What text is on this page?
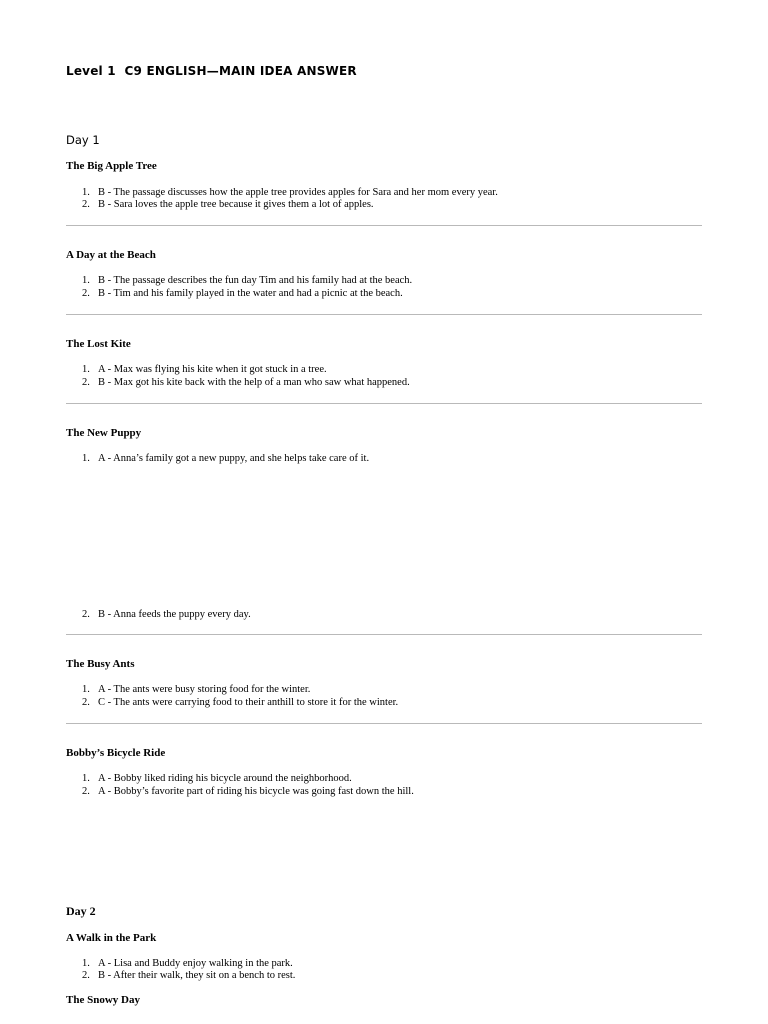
Level 1  C9 ENGLISH—MAIN IDEA ANSWER
Day 1
The Big Apple Tree
1. B - The passage discusses how the apple tree provides apples for Sara and her mom every year.
2. B - Sara loves the apple tree because it gives them a lot of apples.
A Day at the Beach
1. B - The passage describes the fun day Tim and his family had at the beach.
2. B - Tim and his family played in the water and had a picnic at the beach.
The Lost Kite
1. A - Max was flying his kite when it got stuck in a tree.
2. B - Max got his kite back with the help of a man who saw what happened.
The New Puppy
1. A - Anna’s family got a new puppy, and she helps take care of it.
2. B - Anna feeds the puppy every day.
The Busy Ants
1. A - The ants were busy storing food for the winter.
2. C - The ants were carrying food to their anthill to store it for the winter.
Bobby’s Bicycle Ride
1. A - Bobby liked riding his bicycle around the neighborhood.
2. A - Bobby’s favorite part of riding his bicycle was going fast down the hill.
Day 2
A Walk in the Park
1. A - Lisa and Buddy enjoy walking in the park.
2. B - After their walk, they sit on a bench to rest.
The Snowy Day
